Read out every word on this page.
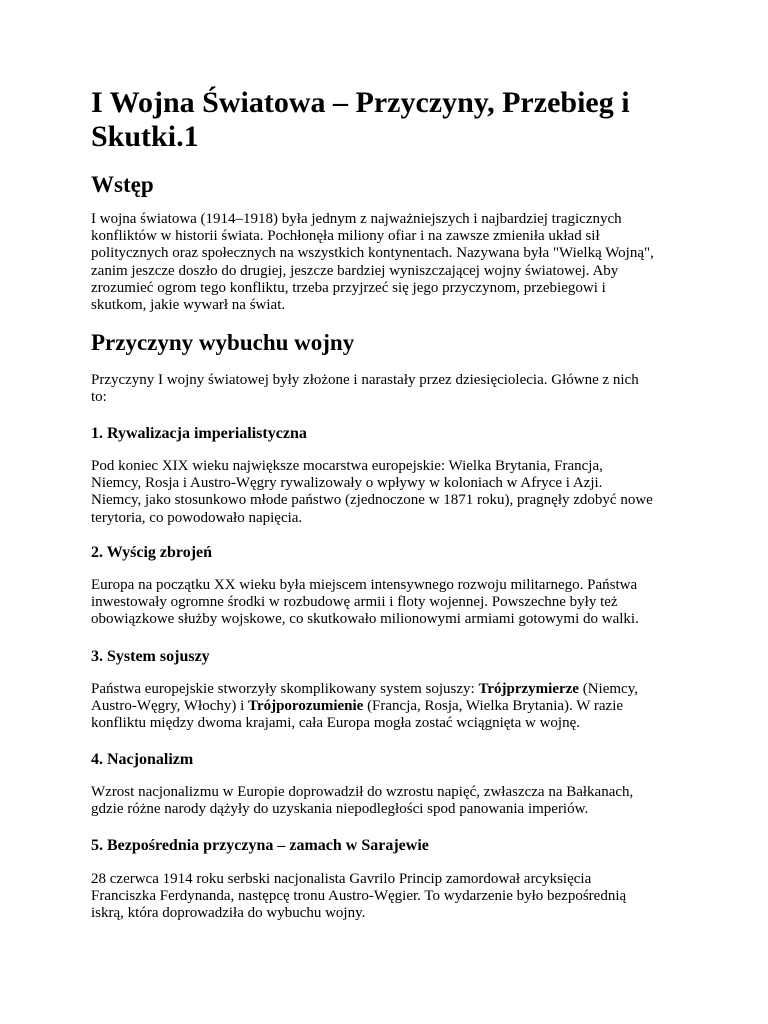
I Wojna Światowa – Przyczyny, Przebieg i Skutki.1
Wstęp

I wojna światowa (1914–1918) była jednym z najważniejszych i najbardziej tragicznych
konfliktów w historii świata. Pochłonęła miliony ofiar i na zawsze zmieniła układ sił
politycznych oraz społecznych na wszystkich kontynentach. Nazywana była "Wielką Wojną",
zanim jeszcze doszło do drugiej, jeszcze bardziej wyniszczającej wojny światowej. Aby
zrozumieć ogrom tego konfliktu, trzeba przyjrzeć się jego przyczynom, przebiegowi i
skutkom, jakie wywarł na świat.

Przyczyny wybuchu wojny

Przyczyny I wojny światowej były złożone i narastały przez dziesięciolecia. Główne z nich
to:

1. Rywalizacja imperialistyczna

Pod koniec XIX wieku największe mocarstwa europejskie: Wielka Brytania, Francja,
Niemcy, Rosja i Austro-Węgry rywalizowały o wpływy w koloniach w Afryce i Azji.
Niemcy, jako stosunkowo młode państwo (zjednoczone w 1871 roku), pragnęły zdobyć nowe
terytoria, co powodowało napięcia.

2. Wyścig zbrojeń

Europa na początku XX wieku była miejscem intensywnego rozwoju militarnego. Państwa
inwestowały ogromne środki w rozbudowę armii i floty wojennej. Powszechne były też
obowiązkowe służby wojskowe, co skutkowało milionowymi armiami gotowymi do walki.

3. System sojuszy

Państwa europejskie stworzyły skomplikowany system sojuszy: Trójprzymierze (Niemcy,
Austro-Węgry, Włochy) i Trójporozumienie (Francja, Rosja, Wielka Brytania). W razie
konfliktu między dwoma krajami, cała Europa mogła zostać wciągnięta w wojnę.

4. Nacjonalizm

Wzrost nacjonalizmu w Europie doprowadził do wzrostu napięć, zwłaszcza na Bałkanach,
gdzie różne narody dążyły do uzyskania niepodległości spod panowania imperiów.

5. Bezpośrednia przyczyna – zamach w Sarajewie

28 czerwca 1914 roku serbski nacjonalista Gavrilo Princip zamordował arcyksięcia
Franciszka Ferdynanda, następcę tronu Austro-Węgier. To wydarzenie było bezpośrednią
iskrą, która doprowadziła do wybuchu wojny.
